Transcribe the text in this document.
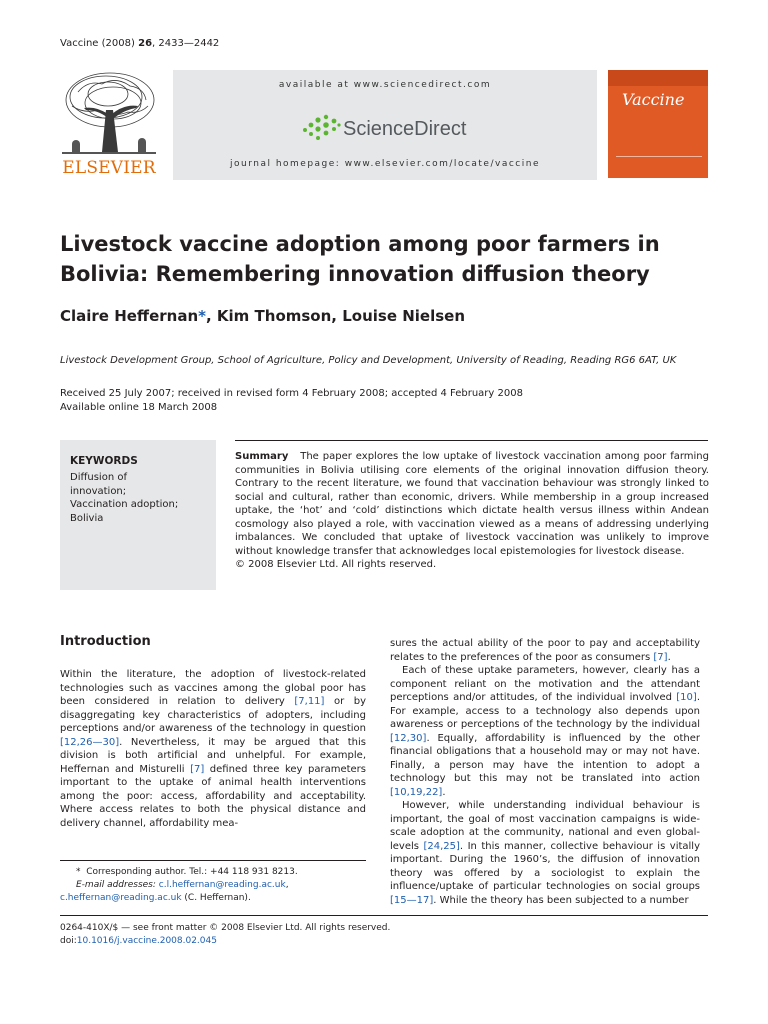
Vaccine (2008) 26, 2433—2442
ELSEVIER
available at www.sciencedirect.com
ScienceDirect
journal homepage: www.elsevier.com/locate/vaccine
Vaccine
Livestock vaccine adoption among poor farmers in
Bolivia: Remembering innovation diffusion theory
Claire Heffernan*, Kim Thomson, Louise Nielsen
Livestock Development Group, School of Agriculture, Policy and Development, University of Reading, Reading RG6 6AT, UK
Received 25 July 2007; received in revised form 4 February 2008; accepted 4 February 2008
Available online 18 March 2008
KEYWORDS
Diffusion of
innovation;
Vaccination adoption;
Bolivia
Summary The paper explores the low uptake of livestock vaccination among poor farming communities in Bolivia utilising core elements of the original innovation diffusion theory. Contrary to the recent literature, we found that vaccination behaviour was strongly linked to social and cultural, rather than economic, drivers. While membership in a group increased uptake, the ‘hot’ and ‘cold’ distinctions which dictate health versus illness within Andean cosmology also played a role, with vaccination viewed as a means of addressing underlying imbalances. We concluded that uptake of livestock vaccination was unlikely to improve without knowledge transfer that acknowledges local epistemologies for livestock disease.
© 2008 Elsevier Ltd. All rights reserved.
Introduction

Within the literature, the adoption of livestock-related technologies such as vaccines among the global poor has been considered in relation to delivery [7,11] or by disaggregating key characteristics of adopters, including perceptions and/or awareness of the technology in question [12,26—30]. Nevertheless, it may be argued that this division is both artificial and unhelpful. For example, Heffernan and Misturelli [7] defined three key parameters important to the uptake of animal health interventions among the poor: access, affordability and acceptability. Where access relates to both the physical distance and delivery channel, affordability mea-

sures the actual ability of the poor to pay and acceptability relates to the preferences of the poor as consumers [7].

Each of these uptake parameters, however, clearly has a component reliant on the motivation and the attendant perceptions and/or attitudes, of the individual involved [10]. For example, access to a technology also depends upon awareness or perceptions of the technology by the individual [12,30]. Equally, affordability is influenced by the other financial obligations that a household may or may not have. Finally, a person may have the intention to adopt a technology but this may not be translated into action [10,19,22].

However, while understanding individual behaviour is important, the goal of most vaccination campaigns is wide-scale adoption at the community, national and even global-levels [24,25]. In this manner, collective behaviour is vitally important. During the 1960’s, the diffusion of innovation theory was offered by a sociologist to explain the influence/uptake of particular technologies on social groups [15—17]. While the theory has been subjected to a number

* Corresponding author. Tel.: +44 118 931 8213.
E-mail addresses: c.l.heffernan@reading.ac.uk,
c.heffernan@reading.ac.uk (C. Heffernan).
0264-410X/$ — see front matter © 2008 Elsevier Ltd. All rights reserved.
doi:10.1016/j.vaccine.2008.02.045
